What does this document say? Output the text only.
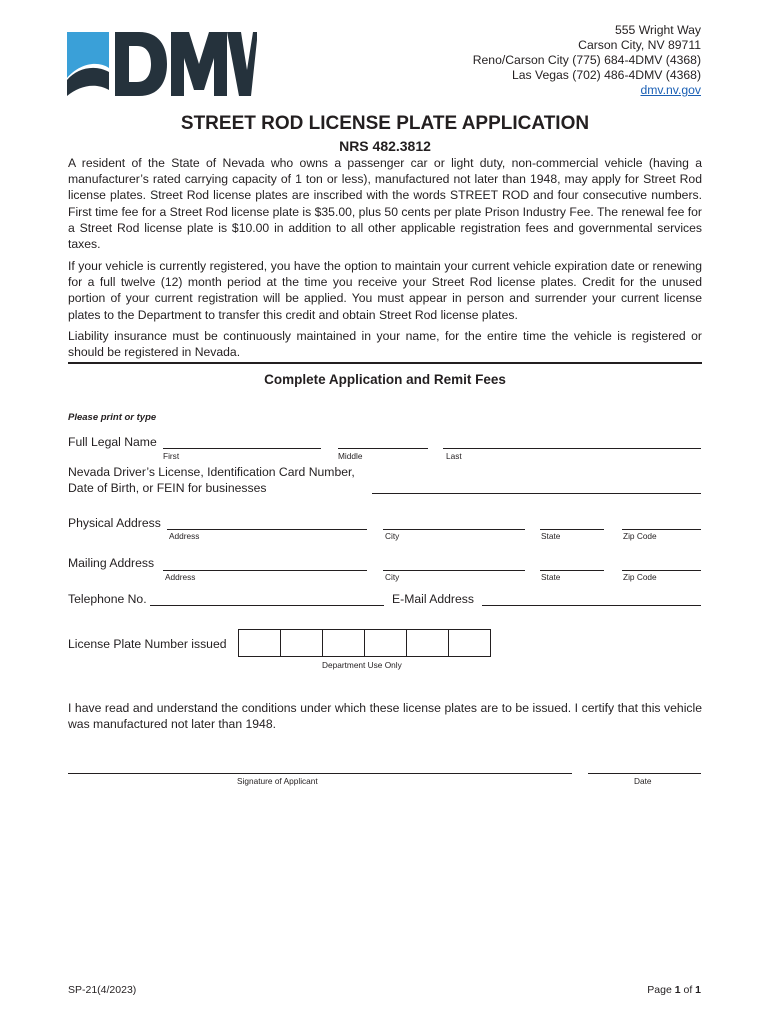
555 Wright Way
Carson City, NV 89711
Reno/Carson City (775) 684-4DMV (4368)
Las Vegas (702) 486-4DMV (4368)
dmv.nv.gov
STREET ROD LICENSE PLATE APPLICATION
NRS 482.3812
A resident of the State of Nevada who owns a passenger car or light duty, non-commercial vehicle (having a manufacturer’s rated carrying capacity of 1 ton or less), manufactured not later than 1948, may apply for Street Rod license plates. Street Rod license plates are inscribed with the words STREET ROD and four consecutive numbers. First time fee for a Street Rod license plate is $35.00, plus 50 cents per plate Prison Industry Fee. The renewal fee for a Street Rod license plate is $10.00 in addition to all other applicable registration fees and governmental services taxes.
If your vehicle is currently registered, you have the option to maintain your current vehicle expiration date or renewing for a full twelve (12) month period at the time you receive your Street Rod license plates. Credit for the unused portion of your current registration will be applied. You must appear in person and surrender your current license plates to the Department to transfer this credit and obtain Street Rod license plates.
Liability insurance must be continuously maintained in your name, for the entire time the vehicle is registered or should be registered in Nevada.
Complete Application and Remit Fees
Please print or type
Full Legal Name
First	Middle	Last
Nevada Driver’s License, Identification Card Number,
Date of Birth, or FEIN for businesses
Physical Address
Address	City	State	Zip Code
Mailing Address
Address	City	State	Zip Code
Telephone No.	E-Mail Address
License Plate Number issued
Department Use Only
I have read and understand the conditions under which these license plates are to be issued. I certify that this vehicle was manufactured not later than 1948.
Signature of Applicant	Date
SP-21(4/2023)	Page 1 of 1
